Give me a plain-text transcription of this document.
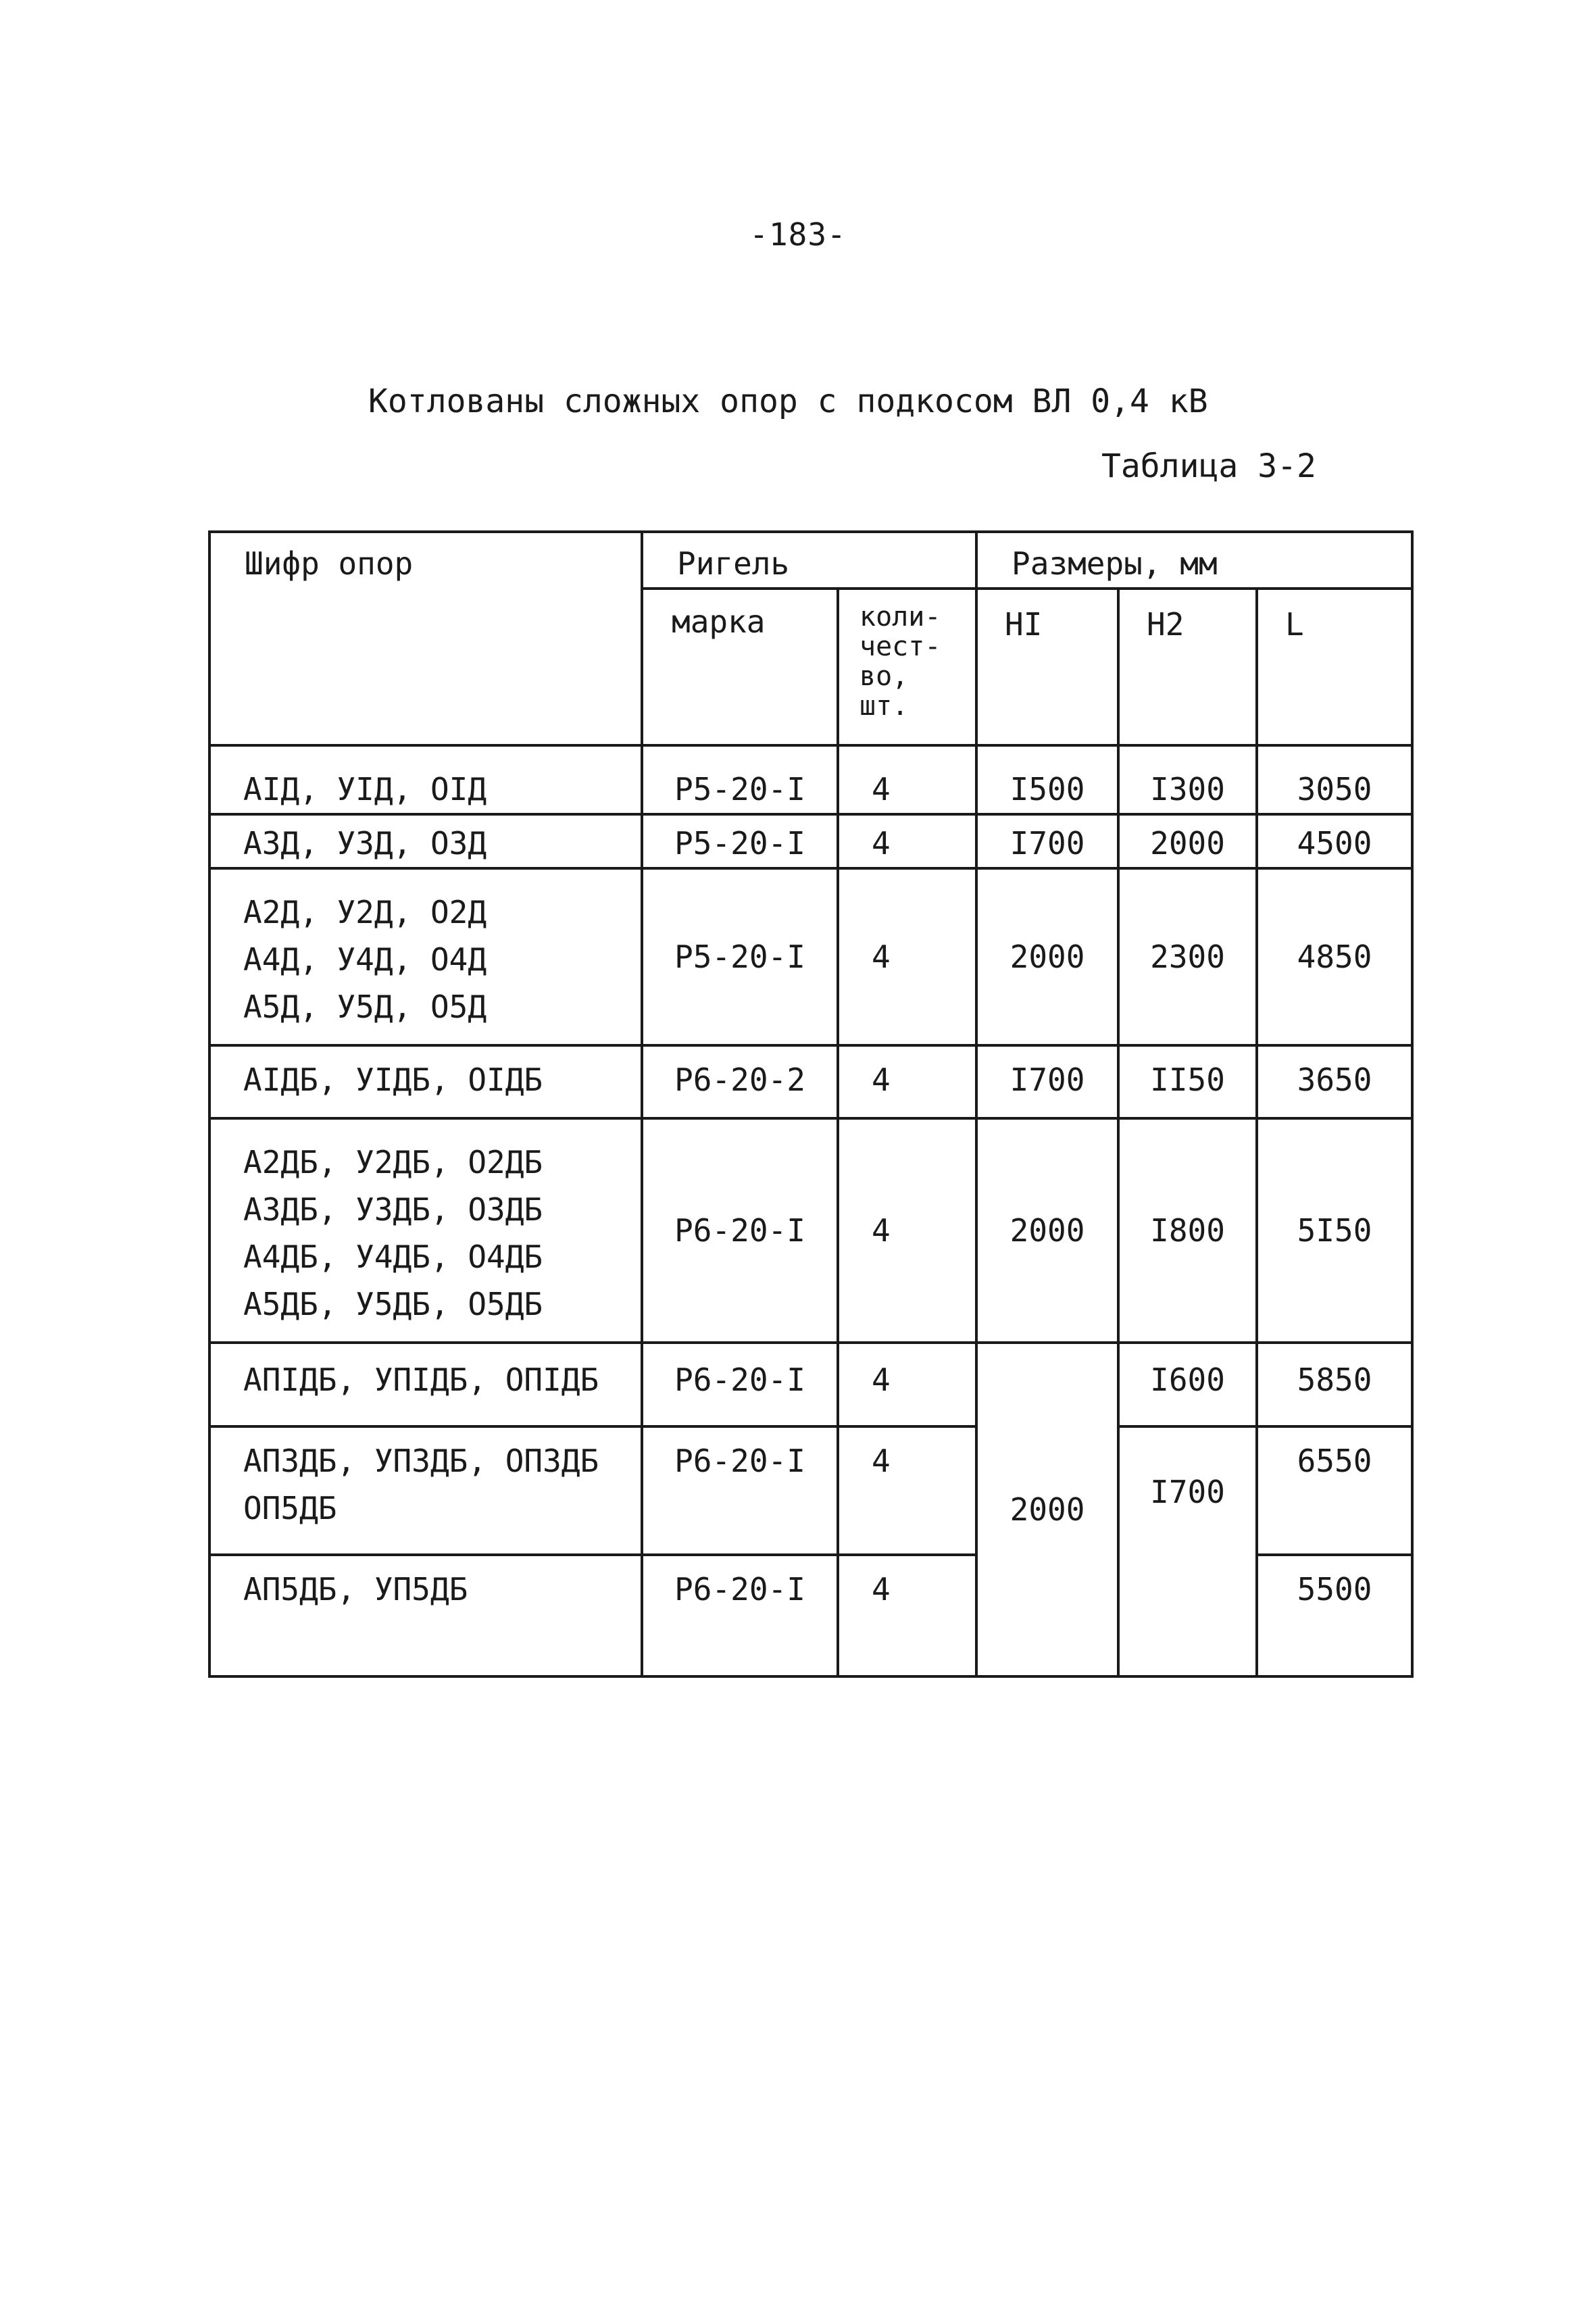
-183-
Котлованы сложных опор с подкосом ВЛ 0,4 кВ
Таблица 3-2
Шифр опор	Ригель		Размеры, мм		
	марка	коли-
чест-
во,
шт.	HI	H2	L
АIД, УIД, ОIД	Р5-20-I	4	I500	I300	3050
А3Д, У3Д, О3Д	Р5-20-I	4	I700	2000	4500
А2Д, У2Д, О2Д
А4Д, У4Д, О4Д
А5Д, У5Д, О5Д	Р5-20-I	4	2000	2300	4850
АIДБ, УIДБ, ОIДБ	Р6-20-2	4	I700	II50	3650
А2ДБ, У2ДБ, О2ДБ
А3ДБ, У3ДБ, О3ДБ
А4ДБ, У4ДБ, О4ДБ
А5ДБ, У5ДБ, О5ДБ	Р6-20-I	4	2000	I800	5I50
АПIДБ, УПIДБ, ОПIДБ	Р6-20-I	4	2000	I600	5850
АП3ДБ, УП3ДБ, ОП3ДБ
ОП5ДБ	Р6-20-I	4		I700	6550
АП5ДБ, УП5ДБ	Р6-20-I	4			5500
